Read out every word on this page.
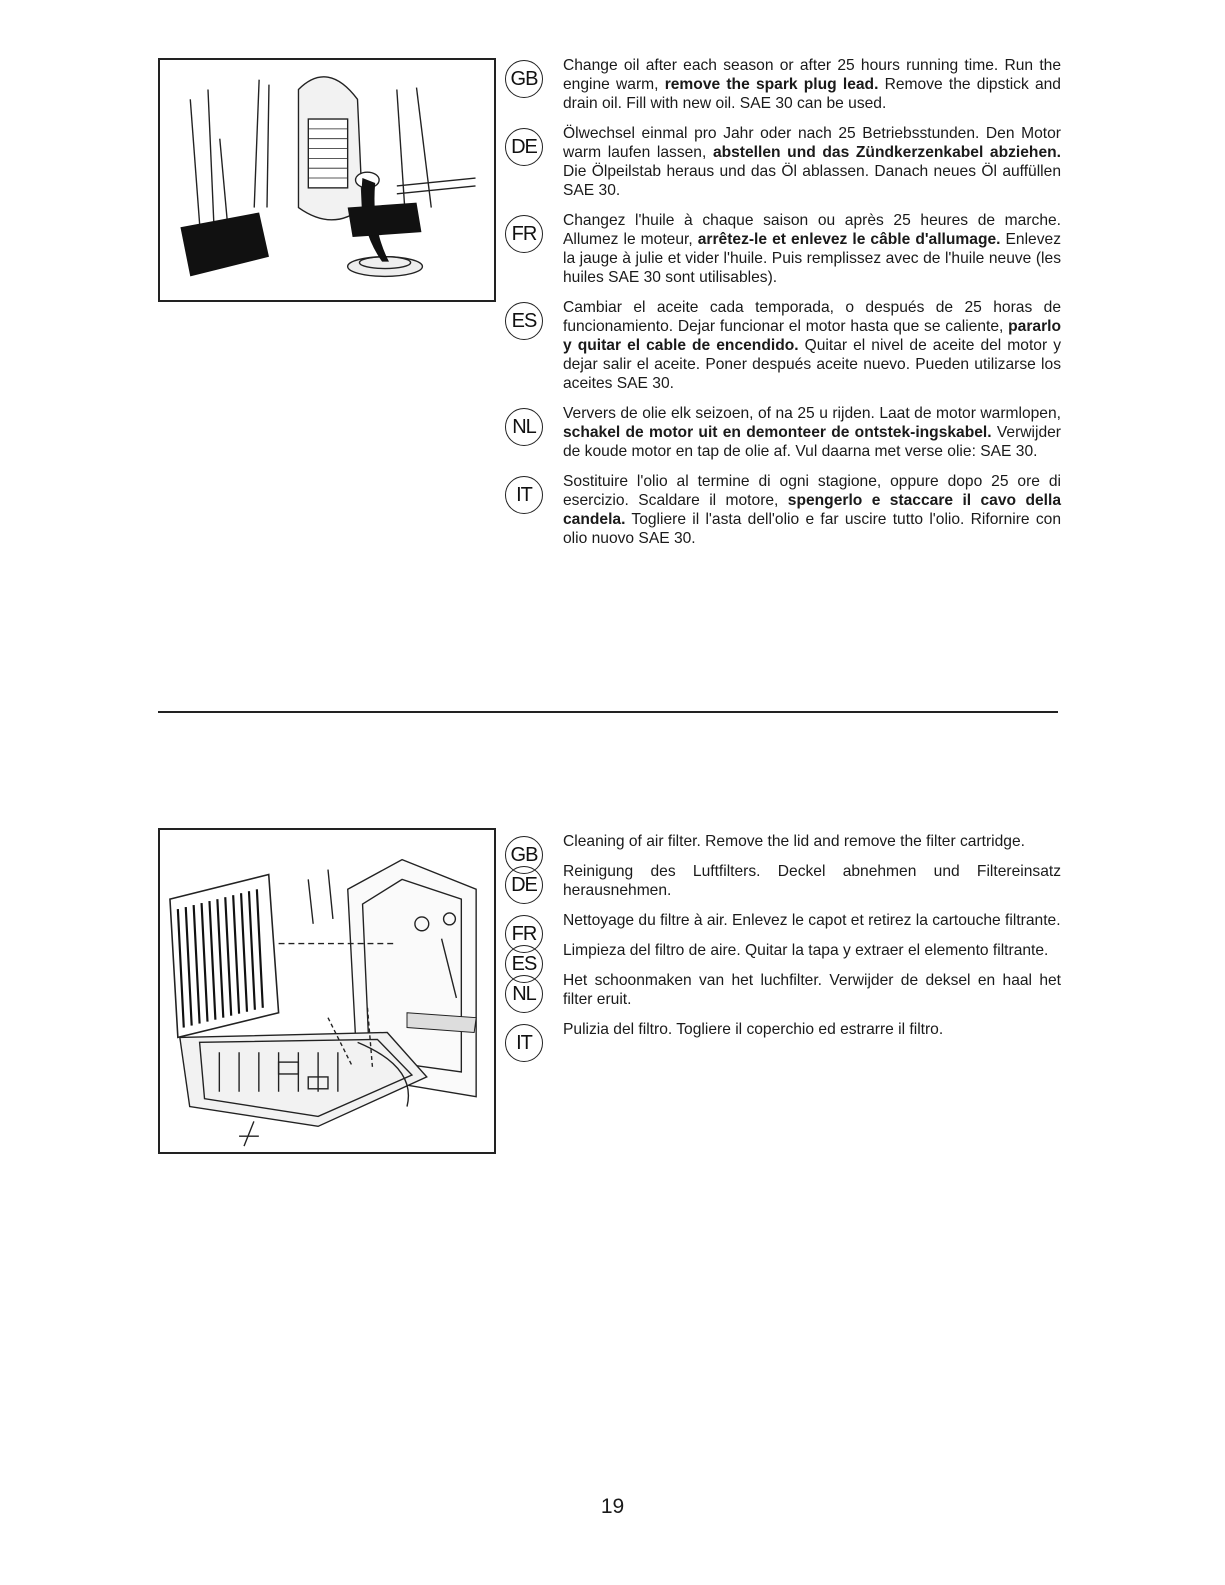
GB

Change oil after each season or after 25 hours running time. Run the engine warm, remove the spark plug lead. Remove the dipstick and drain oil. Fill with new oil. SAE 30 can be used.

DE

Ölwechsel einmal pro Jahr oder nach 25 Betriebsstunden. Den Motor warm laufen lassen, abstellen und das Zündkerzenkabel abziehen. Die Ölpeilstab heraus und das Öl ablassen. Danach neues Öl auffüllen SAE 30.

FR

Changez l'huile à chaque saison ou après 25 heures de marche. Allumez le moteur, arrêtez-le et enlevez le câble d'allumage. Enlevez la jauge à julie et vider l'huile. Puis remplissez avec de l'huile neuve (les huiles SAE 30 sont utilisables).

ES

Cambiar el aceite cada temporada, o después de 25 horas de funcionamiento. Dejar funcionar el motor hasta que se caliente, pararlo y quitar el cable de encendido. Quitar el nivel de aceite del motor y dejar salir el aceite. Poner después aceite nuevo. Pueden utilizarse los aceites SAE 30.

NL

Ververs de olie elk seizoen, of na 25 u rijden. Laat de motor warmlopen, schakel de motor uit en demonteer de ontstek-ingskabel. Verwijder de koude motor en tap de olie af. Vul daarna met verse olie: SAE 30.

IT

Sostituire l'olio al termine di ogni stagione, oppure dopo 25 ore di esercizio. Scaldare il motore, spengerlo e staccare il cavo della candela. Togliere il l'asta dell'olio e far uscire tutto l'olio. Rifornire con olio nuovo SAE 30.

GB

Cleaning of air filter. Remove the lid and remove the filter cartridge.

DE

Reinigung des Luftfilters. Deckel abnehmen und Filtereinsatz herausnehmen.

FR

Nettoyage du filtre à air. Enlevez le capot et retirez la cartouche filtrante.

ES

Limpieza del filtro de aire. Quitar la tapa y extraer el elemento filtrante.

NL

Het schoonmaken van het luchfilter. Verwijder de deksel en haal het filter eruit.

IT

Pulizia del filtro. Togliere il coperchio ed estrarre il filtro.

19
